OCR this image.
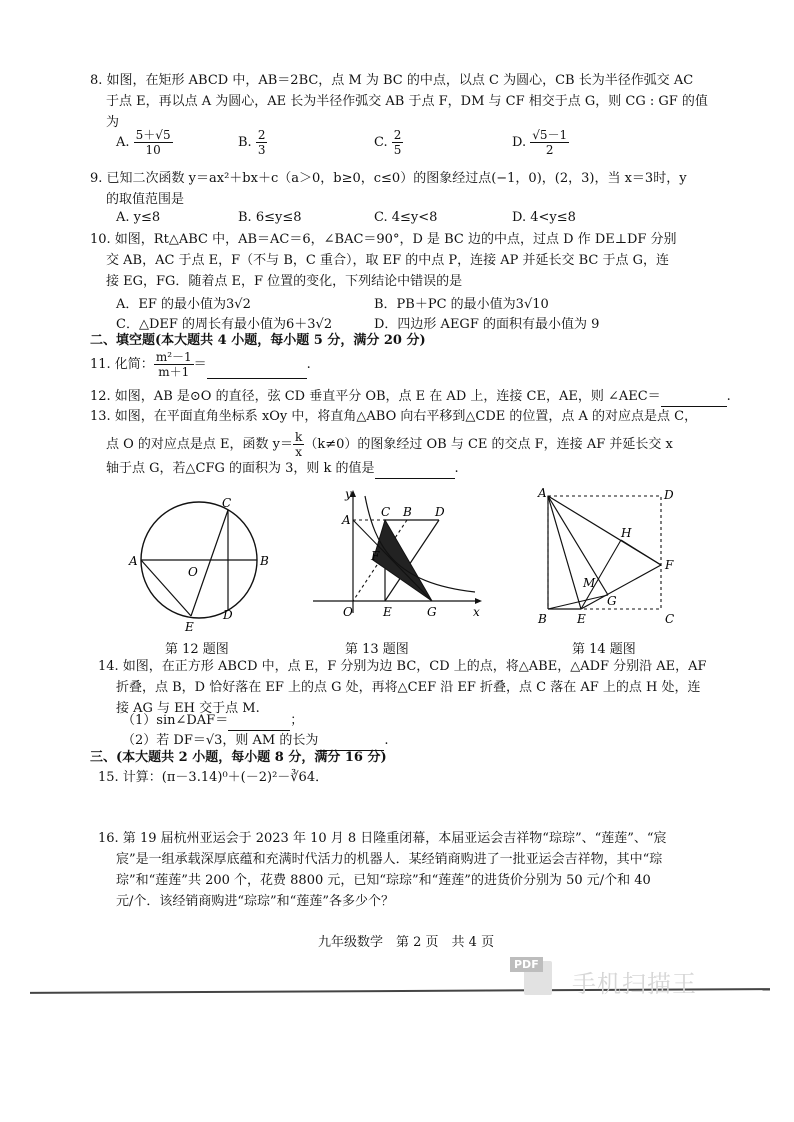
8. 如图，在矩形 ABCD 中，AB＝2BC，点 M 为 BC 的中点，以点 C 为圆心，CB 长为半径作弧交 AC
于点 E，再以点 A 为圆心，AE 长为半径作弧交 AB 于点 F，DM 与 CF 相交于点 G，则 CG : GF 的值
为
A. $\frac{5+√5}{10}$	B. $\frac{2}{3}$	C. $\frac{2}{5}$	D. $\frac{√5-1}{2}$
9. 已知二次函数 y＝ax²＋bx＋c（a＞0，b≥0，c≤0）的图象经过点(−1，0)，(2，3)，当 x＝3时，y
的取值范围是
A. y≤8	B. 6≤y≤8	C. 4≤y<8	D. 4<y≤8
10. 如图，Rt△ABC 中，AB＝AC＝6，∠BAC＝90°，D 是 BC 边的中点，过点 D 作 DE⊥DF 分别
交 AB，AC 于点 E，F（不与 B，C 重合），取 EF 的中点 P，连接 AP 并延长交 BC 于点 G，连
接 EG，FG．随着点 E，F 位置的变化，下列结论中错误的是
A．EF 的最小值为3√2	B．PB＋PC 的最小值为3√10
C．△DEF 的周长有最小值为6＋3√2	D．四边形 AEGF 的面积有最小值为 9
二、填空题(本大题共 4 小题，每小题 5 分，满分 20 分)
11. 化简： $\frac{\text{m²－1}}{m+1}$ ＝	.
12. 如图，AB 是⊙O 的直径，弦 CD 垂直平分 OB，点 E 在 AD 上，连接 CE，AE，则 ∠AEC＝	.
13. 如图，在平面直角坐标系 xOy 中，将直角△ABO 向右平移到△CDE 的位置，点 A 的对应点是点 C，
点 O 的对应点是点 E，函数 $y= \frac{k}{x} (k\ne 0)$的图象经过 OB 与 CE 的交点 F，连接 AF 并延长交 x
轴于点 G，若△CFG 的面积为 3，则 k 的值是	.
C
A	B
O
D
E
第 12 题图
y
x
A
C B D
F
O	E	G
第 13 题图
A	D
H
F
M
G
B	E	C
第 14 题图
14. 如图，在正方形 ABCD 中，点 E，F 分别为边 BC，CD 上的点，将△ABE，△ADF 分别沿 AE，AF
折叠，点 B，D 恰好落在 EF 上的点 G 处，再将△CEF 沿 EF 折叠，点 C 落在 AF 上的点 H 处，连
接 AG 与 EH 交于点 M.
（1）sin∠DAF＝	；
（2）若 DF＝√3，则 AM 的长为	.
三、(本大题共 2 小题，每小题 8 分，满分 16 分)
15. 计算：(π－3.14)⁰＋(－2)²－∛64．
16. 第 19 届杭州亚运会于 2023 年 10 月 8 日隆重闭幕，本届亚运会吉祥物“琮琮”、“莲莲”、“宸
宸”是一组承载深厚底蕴和充满时代活力的机器人．某经销商购进了一批亚运会吉祥物，其中“琮
琮”和“莲莲”共 200 个，花费 8800 元，已知“琮琮”和“莲莲”的进货价分别为 50 元/个和 40
元/个．该经销商购进“琮琮”和“莲莲”各多少个？
九年级数学　第 2 页　共 4 页
PDF
手机扫描王
